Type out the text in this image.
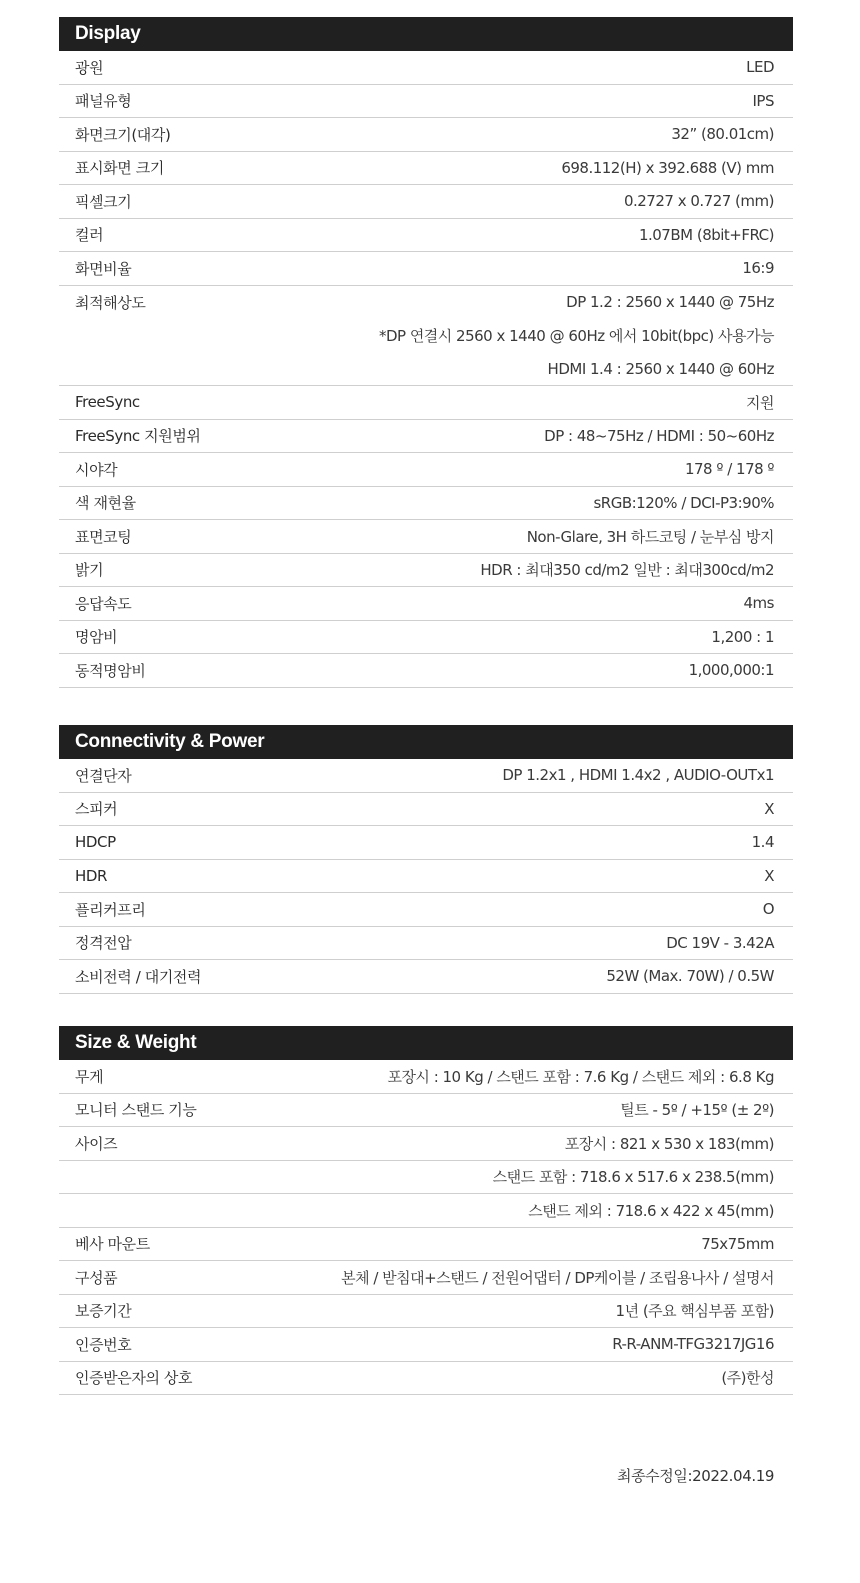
Display
광원	LED
패널유형	IPS
화면크기(대각)	32” (80.01cm)
표시화면 크기	698.112(H) x 392.688 (V) mm
픽셀크기	0.2727 x 0.727 (mm)
컬러	1.07BM (8bit+FRC)
화면비율	16:9
최적해상도	DP 1.2 : 2560 x 1440 @ 75Hz
*DP 연결시 2560 x 1440 @ 60Hz 에서 10bit(bpc) 사용가능
HDMI 1.4 : 2560 x 1440 @ 60Hz
FreeSync	지원
FreeSync 지원범위	DP : 48~75Hz / HDMI : 50~60Hz
시야각	178 º / 178 º
색 재현율	sRGB:120% / DCI-P3:90%
표면코팅	Non-Glare, 3H 하드코팅 / 눈부심 방지
밝기	HDR : 최대350 cd/m2 일반 : 최대300cd/m2
응답속도	4ms
명암비	1,200 : 1
동적명암비	1,000,000:1
Connectivity & Power
연결단자	DP 1.2x1 , HDMI 1.4x2 , AUDIO-OUTx1
스피커	X
HDCP	1.4
HDR	X
플리커프리	O
정격전압	DC 19V - 3.42A
소비전력 / 대기전력	52W (Max. 70W) / 0.5W
Size & Weight
무게	포장시 : 10 Kg / 스탠드 포함 : 7.6 Kg / 스탠드 제외 : 6.8 Kg
모니터 스탠드 기능	틸트 - 5º / +15º (± 2º)
사이즈	포장시 : 821 x 530 x 183(mm)
스탠드 포함 : 718.6 x 517.6 x 238.5(mm)
스탠드 제외 : 718.6 x 422 x 45(mm)
베사 마운트	75x75mm
구성품	본체 / 받침대+스탠드 / 전원어댑터 / DP케이블 / 조립용나사 / 설명서
보증기간	1년 (주요 핵심부품 포함)
인증번호	R-R-ANM-TFG3217JG16
인증받은자의 상호	(주)한성
최종수정일:2022.04.19
